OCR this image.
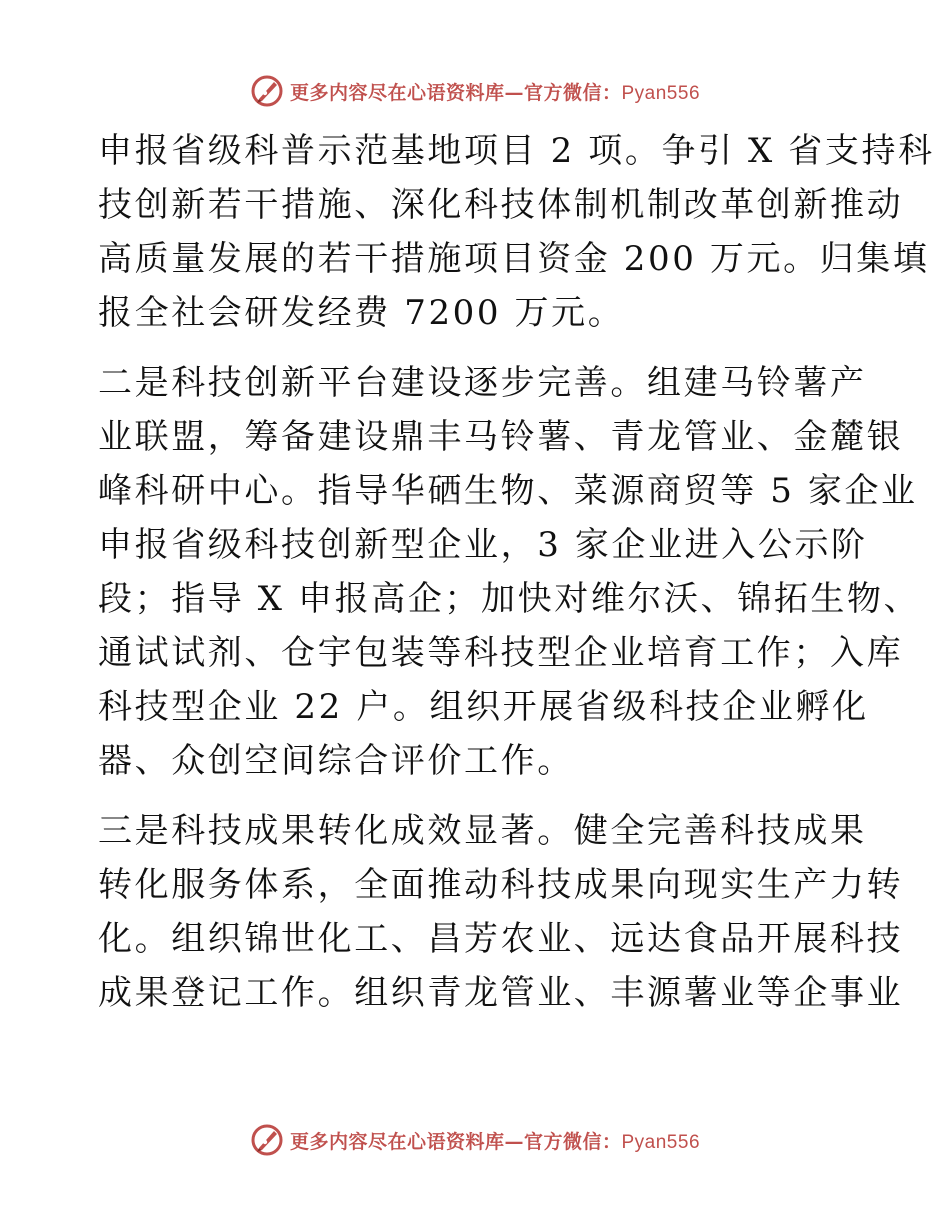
更多内容尽在心语资料库—官方微信：Pyan556
申报省级科普示范基地项目 2 项。争引 X 省支持科
技创新若干措施、深化科技体制机制改革创新推动
高质量发展的若干措施项目资金 200 万元。归集填
报全社会研发经费 7200 万元。
二是科技创新平台建设逐步完善。组建马铃薯产
业联盟，筹备建设鼎丰马铃薯、青龙管业、金麓银
峰科研中心。指导华硒生物、菜源商贸等 5 家企业
申报省级科技创新型企业，3 家企业进入公示阶
段；指导 X 申报高企；加快对维尔沃、锦拓生物、
通试试剂、仓宇包装等科技型企业培育工作；入库
科技型企业 22 户。组织开展省级科技企业孵化
器、众创空间综合评价工作。
三是科技成果转化成效显著。健全完善科技成果
转化服务体系，全面推动科技成果向现实生产力转
化。组织锦世化工、昌芳农业、远达食品开展科技
成果登记工作。组织青龙管业、丰源薯业等企事业
更多内容尽在心语资料库—官方微信：Pyan556
